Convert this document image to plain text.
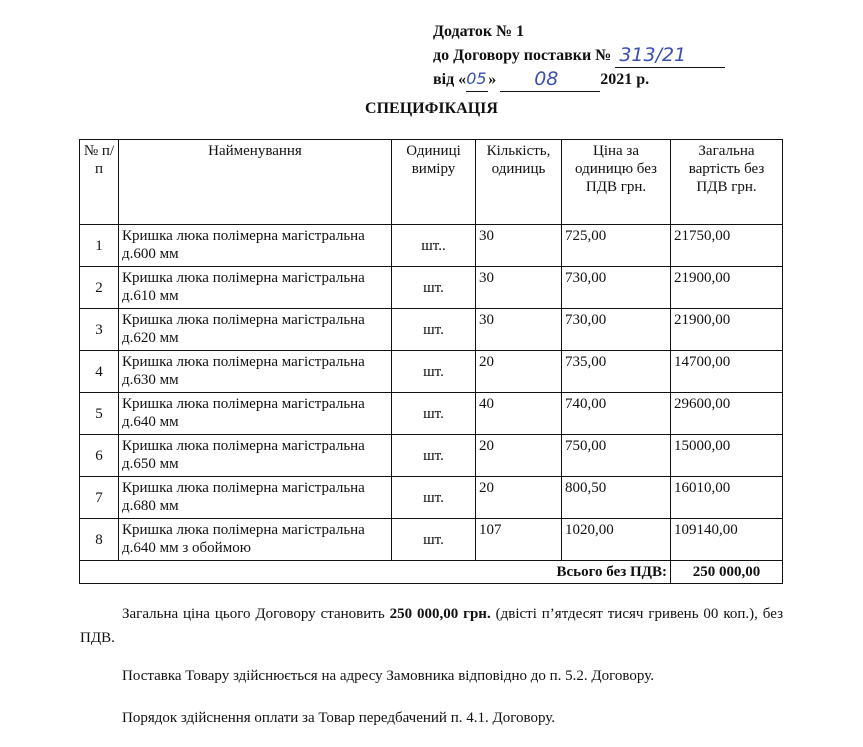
Додаток № 1
до Договору поставки № 313/21
від « 05 » 08	2021 р.
СПЕЦИФІКАЦІЯ
№ п/п	Найменування	Одиниці виміру	Кількість, одиниць	Ціна за одиницю без ПДВ грн.	Загальна вартість без ПДВ грн.
1	Кришка люка полімерна магістральна д.600 мм	шт..	30	725,00	21750,00
2	Кришка люка полімерна магістральна д.610 мм	шт.	30	730,00	21900,00
3	Кришка люка полімерна магістральна д.620 мм	шт.	30	730,00	21900,00
4	Кришка люка полімерна магістральна д.630 мм	шт.	20	735,00	14700,00
5	Кришка люка полімерна магістральна д.640 мм	шт.	40	740,00	29600,00
6	Кришка люка полімерна магістральна д.650 мм	шт.	20	750,00	15000,00
7	Кришка люка полімерна магістральна д.680 мм	шт.	20	800,50	16010,00
8	Кришка люка полімерна магістральна д.640 мм з обоймою	шт.	107	1020,00	109140,00
Всього без ПДВ:					250 000,00
Загальна ціна цього Договору становить 250 000,00 грн. (двісті п’ятдесят тисяч гривень 00 коп.), без ПДВ.
Поставка Товару здійснюється на адресу Замовника відповідно до п. 5.2. Договору.
Порядок здійснення оплати за Товар передбачений п. 4.1. Договору.
